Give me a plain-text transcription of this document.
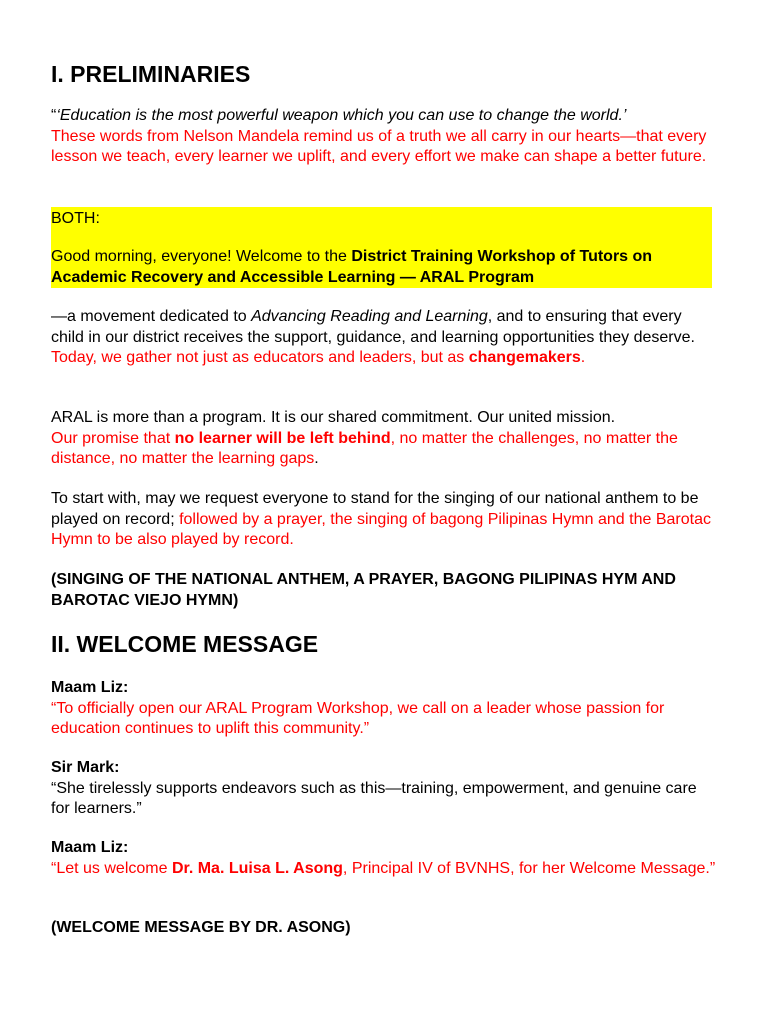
I. PRELIMINARIES

“‘Education is the most powerful weapon which you can use to change the world.’
These words from Nelson Mandela remind us of a truth we all carry in our hearts—that every lesson we teach, every learner we uplift, and every effort we make can shape a better future.

BOTH:

Good morning, everyone! Welcome to the District Training Workshop of Tutors on Academic Recovery and Accessible Learning — ARAL Program

—a movement dedicated to Advancing Reading and Learning, and to ensuring that every child in our district receives the support, guidance, and learning opportunities they deserve. Today, we gather not just as educators and leaders, but as changemakers.

ARAL is more than a program. It is our shared commitment. Our united mission.
Our promise that no learner will be left behind, no matter the challenges, no matter the distance, no matter the learning gaps.

To start with, may we request everyone to stand for the singing of our national anthem to be played on record; followed by a prayer, the singing of bagong Pilipinas Hymn and the Barotac Hymn to be also played by record.

(SINGING OF THE NATIONAL ANTHEM, A PRAYER, BAGONG PILIPINAS HYM AND BAROTAC VIEJO HYMN)

II. WELCOME MESSAGE

Maam Liz:
“To officially open our ARAL Program Workshop, we call on a leader whose passion for education continues to uplift this community.”

Sir Mark:
“She tirelessly supports endeavors such as this—training, empowerment, and genuine care for learners.”

Maam Liz:
“Let us welcome Dr. Ma. Luisa L. Asong, Principal IV of BVNHS, for her Welcome Message.”

(WELCOME MESSAGE BY DR. ASONG)
